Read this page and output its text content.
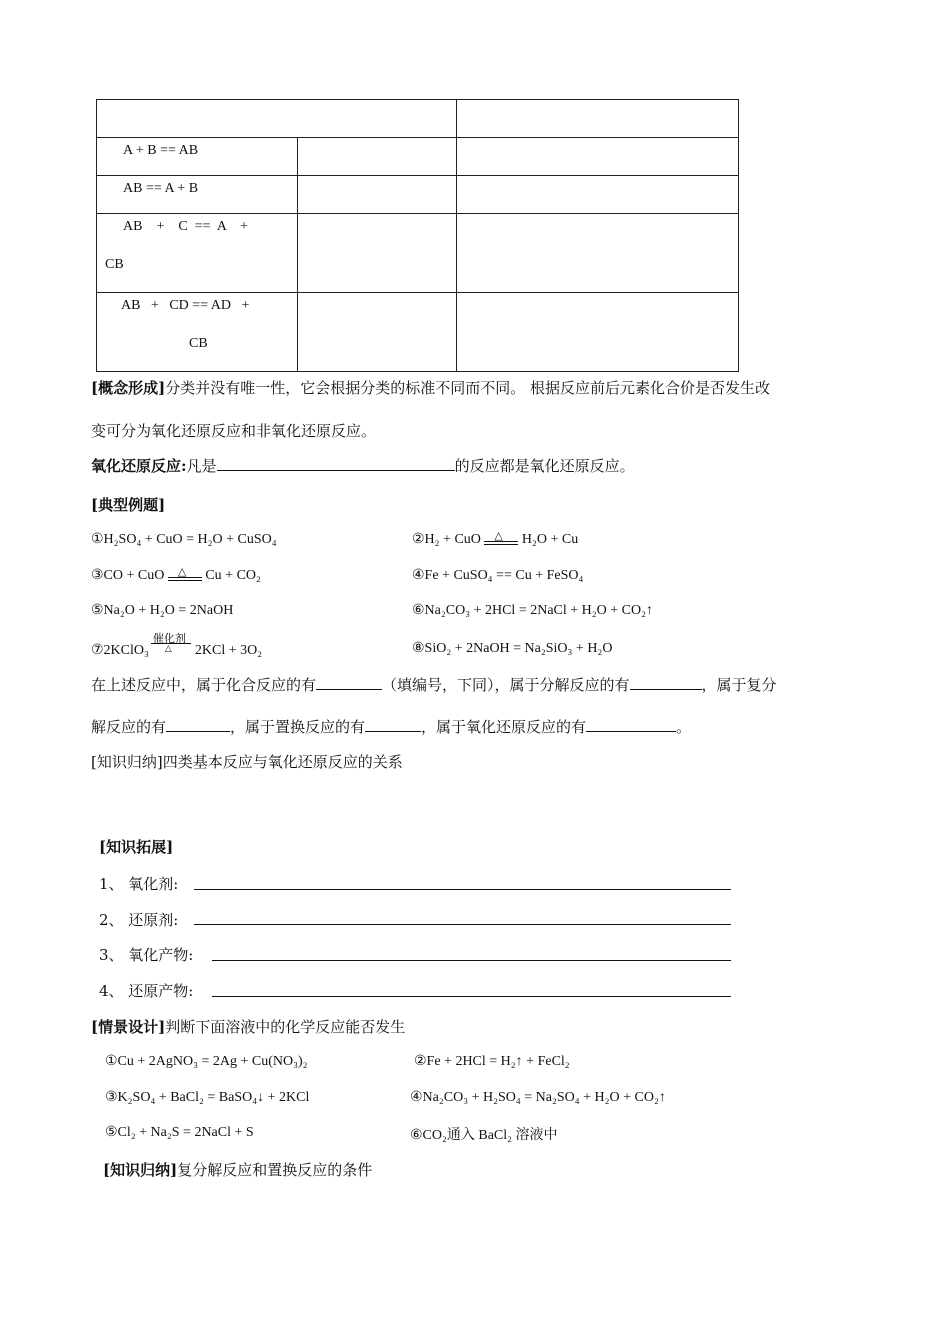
A + B == AB		

AB == A + B		

AB    +    C  ==  A    +
CB		

AB   +   CD == AD   +
CB		

[概念形成]分类并没有唯一性，它会根据分类的标准不同而不同。 根据反应前后元素化合价是否发生改
变可分为氧化还原反应和非氧化还原反应。
氧化还原反应:凡是	的反应都是氧化还原反应。
[典型例题]
①H₂SO₄ + CuO = H₂O + CuSO₄	②H₂ + CuO △ H₂O + Cu
③CO + CuO △ Cu + CO₂	④Fe + CuSO₄ == Cu + FeSO₄
⑤Na₂O + H₂O = 2NaOH	⑥Na₂CO₃ + 2HCl = 2NaCl + H₂O + CO₂↑
⑦2KClO₃
催化剂
△ 2KCl + 3O₂	⑧SiO₂ + 2NaOH = Na₂SiO₃ + H₂O
在上述反应中，属于化合反应的有	（填编号，下同），属于分解反应的有	，属于复分
解反应的有	，属于置换反应的有	，属于氧化还原反应的有	。
[知识归纳]四类基本反应与氧化还原反应的关系
[知识拓展]
1、 氧化剂:
2、 还原剂:
3、 氧化产物:
4、 还原产物:
[情景设计]判断下面溶液中的化学反应能否发生
①Cu + 2AgNO₃ = 2Ag + Cu(NO₃)₂	②Fe + 2HCl = H₂↑ + FeCl₂
③K₂SO₄ + BaCl₂ = BaSO₄↓ + 2KCl	④Na₂CO₃ + H₂SO₄ = Na₂SO₄ + H₂O + CO₂↑
⑤Cl₂ + Na₂S = 2NaCl + S	⑥CO₂通入 BaCl₂ 溶液中
[知识归纳]复分解反应和置换反应的条件
